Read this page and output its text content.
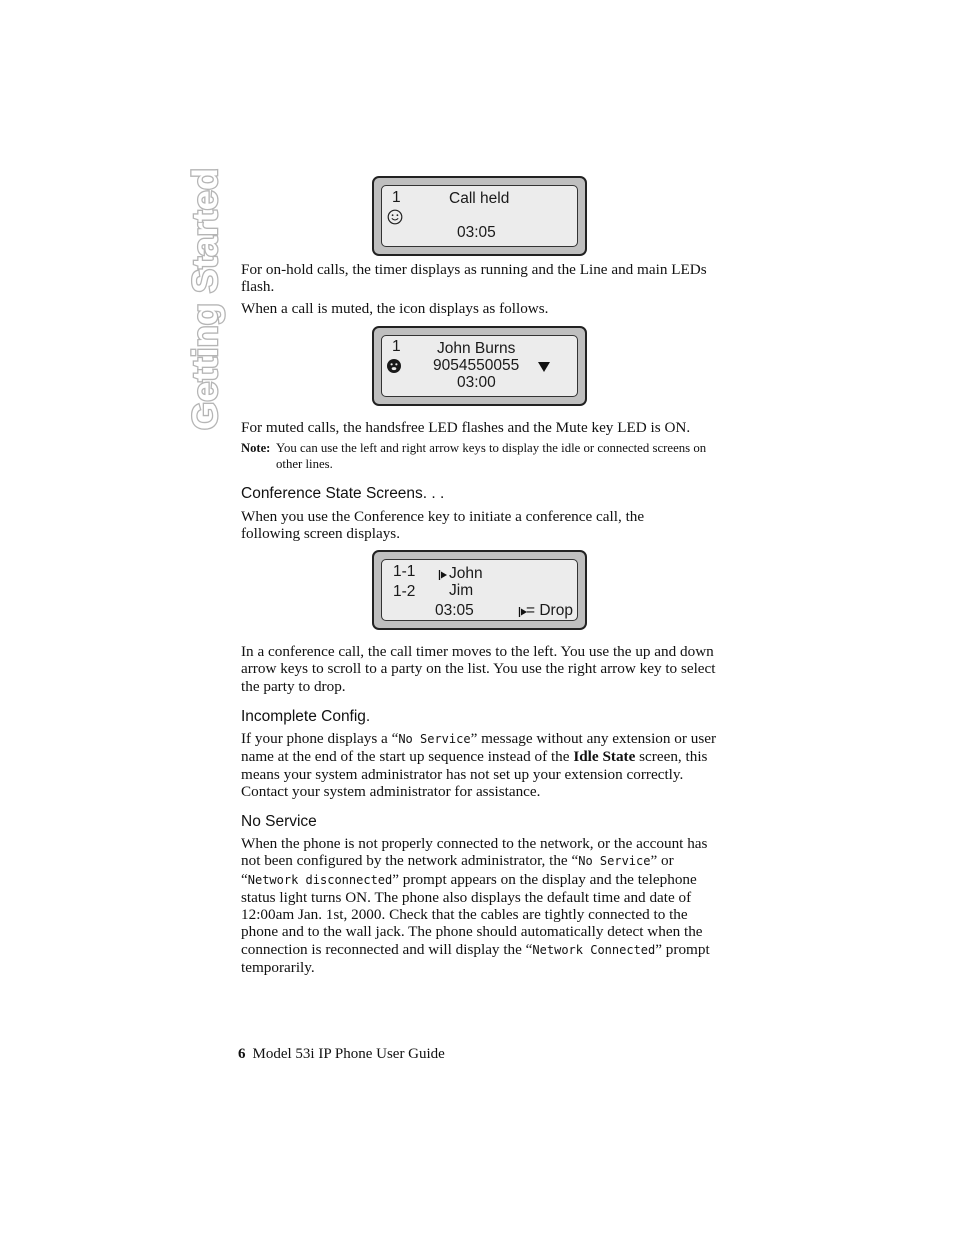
Getting Started	1	Call held
03:05

For on-hold calls, the timer displays as running and the Line and main LEDs flash.

When a call is muted, the icon displays as follows.

1 John Burns
9054550055
03:00

For muted calls, the handsfree LED flashes and the Mute key LED is ON.

Note: You can use the left and right arrow keys to display the idle or connected screens on other lines.
Conference State Screens. . .

When you use the Conference key to initiate a conference call, the following screen displays.

1-1 John
1-2 Jim
03:05	= Drop

In a conference call, the call timer moves to the left. You use the up and down arrow keys to scroll to a party on the list. You use the right arrow key to select the party to drop.

Incomplete Config.

If your phone displays a “No Service” message without any extension or user name at the end of the start up sequence instead of the Idle State screen, this means your system administrator has not set up your extension correctly. Contact your system administrator for assistance.

No Service

When the phone is not properly connected to the network, or the account has not been configured by the network administrator, the “No Service” or “Network disconnected” prompt appears on the display and the telephone status light turns ON. The phone also displays the default time and date of 12:00am Jan. 1st, 2000. Check that the cables are tightly connected to the phone and to the wall jack. The phone should automatically detect when the connection is reconnected and will display the “Network Connected” prompt temporarily.

6 Model 53i IP Phone User Guide
